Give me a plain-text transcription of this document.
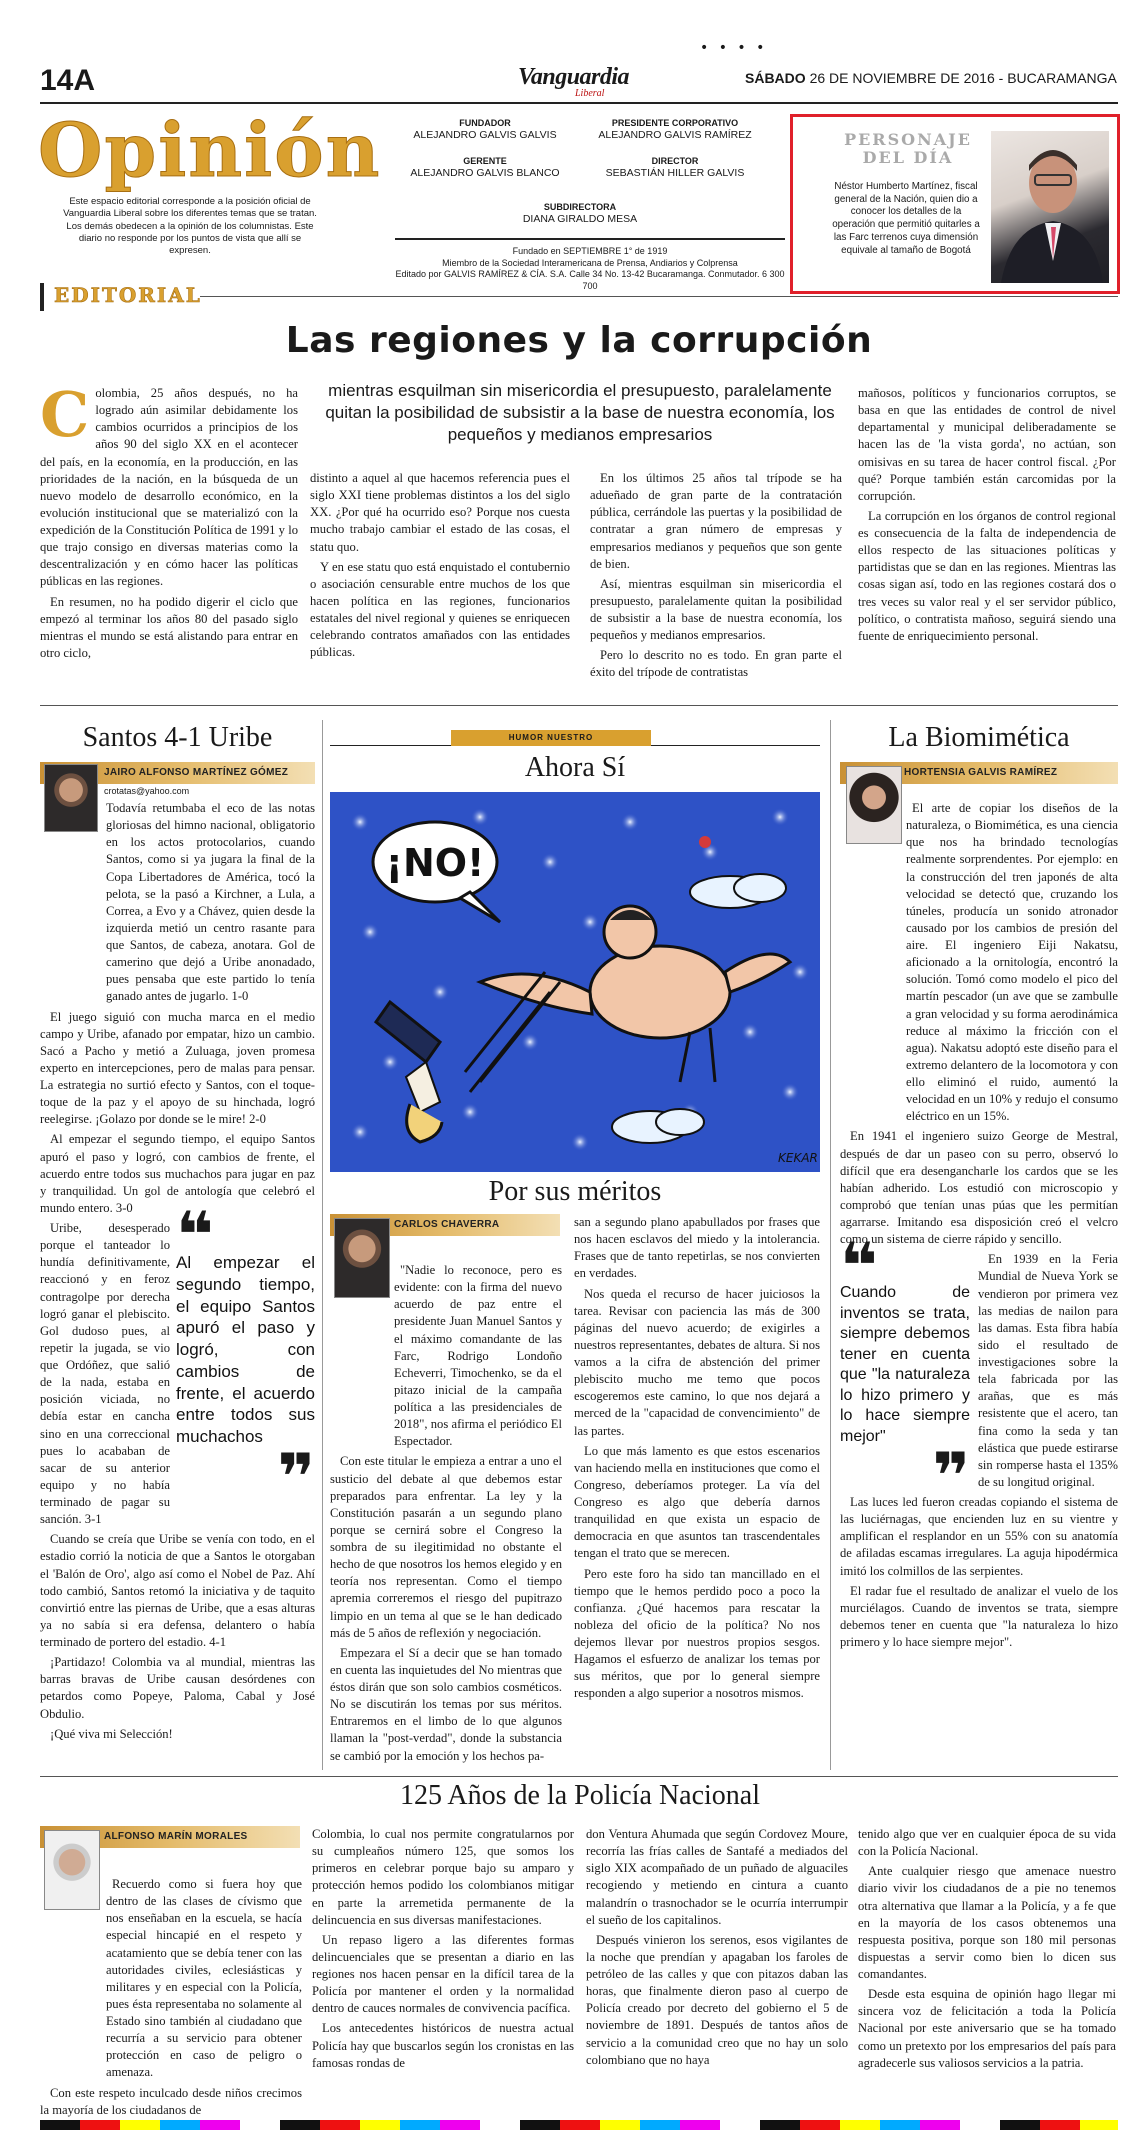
• • • •
14A	Vanguardia
Liberal
SÁBADO 26 DE NOVIEMBRE DE 2016 - BUCARAMANGA
Opinión
Este espacio editorial corresponde a la posición oficial de Vanguardia Liberal sobre los diferentes temas que se tratan. Los demás obedecen a la opinión de los columnistas. Este diario no responde por los puntos de vista que allí se expresen.
FUNDADOR
ALEJANDRO GALVIS GALVIS
PRESIDENTE CORPORATIVO
ALEJANDRO GALVIS RAMÍREZ
GERENTE
ALEJANDRO GALVIS BLANCO
DIRECTOR
SEBASTIÁN HILLER GALVIS
SUBDIRECTORA
DIANA GIRALDO MESA
Fundado en SEPTIEMBRE 1° de 1919
Miembro de la Sociedad Interamericana de Prensa, Andiarios y Colprensa
Editado por GALVIS RAMÍREZ & CÍA. S.A. Calle 34 No. 13-42 Bucaramanga. Conmutador. 6 300 700
PERSONAJE DEL DÍA
Néstor Humberto Martínez, fiscal general de la Nación, quien dio a conocer los detalles de la operación que permitió quitarles a las Farc terrenos cuya dimensión equivale al tamaño de Bogotá
EDITORIAL
Las regiones y la corrupción

Colombia, 25 años después, no ha logrado aún asimilar debidamente los cambios ocurridos a principios de los años 90 del siglo XX en el acontecer del país, en la economía, en la producción, en las prioridades de la nación, en la búsqueda de un nuevo modelo de desarrollo económico, en la evolución institucional que se materializó con la expedición de la Constitución Política de 1991 y lo que trajo consigo en diversas materias como la descentralización y en cómo hacer las políticas públicas en las regiones.

En resumen, no ha podido digerir el ciclo que empezó al terminar los años 80 del pasado siglo mientras el mundo se está alistando para entrar en otro ciclo,

mientras esquilman sin misericordia el presupuesto, paralelamente quitan la posibilidad de subsistir a la base de nuestra economía, los pequeños y medianos empresarios

distinto a aquel al que hacemos referencia pues el siglo XXI tiene problemas distintos a los del siglo XX. ¿Por qué ha ocurrido eso? Porque nos cuesta mucho trabajo cambiar el estado de las cosas, el statu quo.

Y en ese statu quo está enquistado el contubernio o asociación censurable entre muchos de los que hacen política en las regiones, funcionarios estatales del nivel regional y quienes se enriquecen celebrando contratos amañados con las entidades públicas.

En los últimos 25 años tal trípode se ha adueñado de gran parte de la contratación pública, cerrándole las puertas y la posibilidad de contratar a gran número de empresas y empresarios medianos y pequeños que son gente de bien.

Así, mientras esquilman sin misericordia el presupuesto, paralelamente quitan la posibilidad de subsistir a la base de nuestra economía, los pequeños y medianos empresarios.

Pero lo descrito no es todo. En gran parte el éxito del trípode de contratistas

mañosos, políticos y funcionarios corruptos, se basa en que las entidades de control de nivel departamental y municipal deliberadamente se hacen las de 'la vista gorda', no actúan, son omisivas en su tarea de hacer control fiscal. ¿Por qué? Porque también están carcomidas por la corrupción.

La corrupción en los órganos de control regional es consecuencia de la falta de independencia de ellos respecto de las situaciones políticas y partidistas que se dan en las regiones. Mientras las cosas sigan así, todo en las regiones costará dos o tres veces su valor real y el ser servidor público, político, o contratista mañoso, seguirá siendo una fuente de enriquecimiento personal.

Santos 4-1 Uribe
JAIRO ALFONSO MARTÍNEZ GÓMEZ
crotatas@yahoo.com

Todavía retumbaba el eco de las notas gloriosas del himno nacional, obligatorio en los actos protocolarios, cuando Santos, como si ya jugara la final de la Copa Libertadores de América, tocó la pelota, se la pasó a Kirchner, a Lula, a Correa, a Evo y a Chávez, quien desde la izquierda metió un centro rasante para que Santos, de cabeza, anotara. Gol de camerino que dejó a Uribe anonadado, pues pensaba que este partido lo tenía ganado antes de jugarlo. 1-0

El juego siguió con mucha marca en el medio campo y Uribe, afanado por empatar, hizo un cambio. Sacó a Pacho y metió a Zuluaga, joven promesa experto en intercepciones, pero de malas para pensar. La estrategia no surtió efecto y Santos, con el toque-toque de la paz y el apoyo de su hinchada, logró reelegirse. ¡Golazo por donde se le mire! 2-0

Al empezar el segundo tiempo, el equipo Santos apuró el paso y logró, con cambios de frente, el acuerdo entre todos sus muchachos para jugar en paz y tranquilidad. Un gol de antología que celebró el mundo entero. 3-0

Uribe, desesperado porque el tanteador lo hundía definitivamente, reaccionó y en feroz contragolpe por derecha logró ganar el plebiscito. Gol dudoso pues, al repetir la jugada, se vio que Ordóñez, que salió de la nada, estaba en posición viciada, no debía estar en cancha sino en una correccional pues lo acababan de sacar de su anterior equipo y no había terminado de pagar su sanción. 3-1

❝
Al empezar el segundo tiempo, el equipo Santos apuró el paso y logró, con cambios de frente, el acuerdo entre todos sus muchachos
❞

Cuando se creía que Uribe se venía con todo, en el estadio corrió la noticia de que a Santos le otorgaban el 'Balón de Oro', algo así como el Nobel de Paz. Ahí todo cambió, Santos retomó la iniciativa y de taquito convirtió entre las piernas de Uribe, que a esas alturas ya no sabía si era defensa, delantero o había terminado de portero del estadio. 4-1

¡Partidazo! Colombia va al mundial, mientras las barras bravas de Uribe causan desórdenes con petardos como Popeye, Paloma, Cabal y José Obdulio.

¡Qué viva mi Selección!

HUMOR NUESTRO
Ahora Sí
¡NO!
KEKAR
Por sus méritos
CARLOS CHAVERRA

"Nadie lo reconoce, pero es evidente: con la firma del nuevo acuerdo de paz entre el presidente Juan Manuel Santos y el máximo comandante de las Farc, Rodrigo Londoño Echeverri, Timochenko, se da el pitazo inicial de la campaña política a las presidenciales de 2018", nos afirma el periódico El Espectador.

Con este titular le empieza a entrar a uno el susticio del debate al que debemos estar preparados para enfrentar. La ley y la Constitución pasarán a un segundo plano porque se cernirá sobre el Congreso la sombra de su ilegitimidad no obstante el hecho de que nosotros los hemos elegido y en teoría nos representan. Como el tiempo apremia correremos el riesgo del pupitrazo limpio en un tema al que se le han dedicado más de 5 años de reflexión y negociación.

Empezara el Sí a decir que se han tomado en cuenta las inquietudes del No mientras que éstos dirán que son solo cambios cosméticos. No se discutirán los temas por sus méritos. Entraremos en el limbo de lo que algunos llaman la "post-verdad", donde la substancia se cambió por la emoción y los hechos pa-

san a segundo plano apabullados por frases que nos hacen esclavos del miedo y la intolerancia. Frases que de tanto repetirlas, se nos convierten en verdades.

Nos queda el recurso de hacer juiciosos la tarea. Revisar con paciencia las más de 300 páginas del nuevo acuerdo; de exigirles a nuestros representantes, debates de altura. Si nos vamos a la cifra de abstención del primer plebiscito mucho me temo que pocos escogeremos este camino, lo que nos dejará a merced de la "capacidad de convencimiento" de las partes.

Lo que más lamento es que estos escenarios van haciendo mella en instituciones que como el Congreso, deberíamos proteger. La vía del Congreso es algo que debería darnos tranquilidad en que exista un espacio de democracia en que asuntos tan trascendentales tengan el trato que se merecen.

Pero este foro ha sido tan mancillado en el tiempo que le hemos perdido poco a poco la confianza. ¿Qué hacemos para rescatar la nobleza del oficio de la política? No nos dejemos llevar por nuestros propios sesgos. Hagamos el esfuerzo de analizar los temas por sus méritos, que por lo general siempre responden a algo superior a nosotros mismos.

La Biomimética
HORTENSIA GALVIS RAMÍREZ

El arte de copiar los diseños de la naturaleza, o Biomimética, es una ciencia que nos ha brindado tecnologías realmente sorprendentes. Por ejemplo: en la construcción del tren japonés de alta velocidad se detectó que, cruzando los túneles, producía un sonido atronador causado por los cambios de presión del aire. El ingeniero Eiji Nakatsu, aficionado a la ornitología, encontró la solución. Tomó como modelo el pico del martín pescador (un ave que se zambulle a gran velocidad y su forma aerodinámica reduce al máximo la fricción con el agua). Nakatsu adoptó este diseño para el extremo delantero de la locomotora y con ello eliminó el ruido, aumentó la velocidad en un 10% y redujo el consumo eléctrico en un 15%.

En 1941 el ingeniero suizo George de Mestral, después de dar un paseo con su perro, observó lo difícil que era desengancharle los cardos que se les habían adherido. Los estudió con microscopio y comprobó que tenían unas púas que les permitían agarrarse. Imitando esa disposición creó el velcro como un sistema de cierre rápido y sencillo.

❝
Cuando de inventos se trata, siempre debemos tener en cuenta que "la naturaleza lo hizo primero y lo hace siempre mejor"
❞

En 1939 en la Feria Mundial de Nueva York se vendieron por primera vez las medias de nailon para las damas. Esta fibra había sido el resultado de investigaciones sobre la tela fabricada por las arañas, que es más resistente que el acero, tan fina como la seda y tan elástica que puede estirarse sin romperse hasta el 135% de su longitud original.

Las luces led fueron creadas copiando el sistema de las luciérnagas, que encienden luz en su vientre y amplifican el resplandor en un 55% con su anatomía de afiladas escamas irregulares. La aguja hipodérmica imitó los colmillos de las serpientes.

El radar fue el resultado de analizar el vuelo de los murciélagos. Cuando de inventos se trata, siempre debemos tener en cuenta que "la naturaleza lo hizo primero y lo hace siempre mejor".

125 Años de la Policía Nacional
ALFONSO MARÍN MORALES

Recuerdo como si fuera hoy que dentro de las clases de cívismo que nos enseñaban en la escuela, se hacía especial hincapié en el respeto y acatamiento que se debía tener con las autoridades civiles, eclesiásticas y militares y en especial con la Policía, pues ésta representaba no solamente al Estado sino también al ciudadano que recurría a su servicio para obtener protección en caso de peligro o amenaza.

Con este respeto inculcado desde niños crecimos la mayoría de los ciudadanos de

Colombia, lo cual nos permite congratularnos por su cumpleaños número 125, que somos los primeros en celebrar porque bajo su amparo y protección hemos podido los colombianos mitigar en parte la arremetida permanente de la delincuencia en sus diversas manifestaciones.

Un repaso ligero a las diferentes formas delincuenciales que se presentan a diario en las regiones nos hacen pensar en la difícil tarea de la Policía por mantener el orden y la normalidad dentro de cauces normales de convivencia pacífica.

Los antecedentes históricos de nuestra actual Policía hay que buscarlos según los cronistas en las famosas rondas de

don Ventura Ahumada que según Cordovez Moure, recorría las frías calles de Santafé a mediados del siglo XIX acompañado de un puñado de alguaciles recogiendo y metiendo en cintura a cuanto malandrín o trasnochador se le ocurría interrumpir el sueño de los capitalinos.

Después vinieron los serenos, esos vigilantes de la noche que prendían y apagaban los faroles de petróleo de las calles y que con pitazos daban las horas, que finalmente dieron paso al cuerpo de Policía creado por decreto del gobierno el 5 de noviembre de 1891. Después de tantos años de servicio a la comunidad creo que no hay un solo colombiano que no haya

tenido algo que ver en cualquier época de su vida con la Policía Nacional.

Ante cualquier riesgo que amenace nuestro diario vivir los ciudadanos de a pie no tenemos otra alternativa que llamar a la Policía, y a fe que en la mayoría de los casos obtenemos una respuesta positiva, porque son 180 mil personas dispuestas a servir como bien lo dicen sus comandantes.

Desde esta esquina de opinión hago llegar mi sincera voz de felicitación a toda la Policía Nacional por este aniversario que se ha tomado como un pretexto por los empresarios del país para agradecerle sus valiosos servicios a la patria.
